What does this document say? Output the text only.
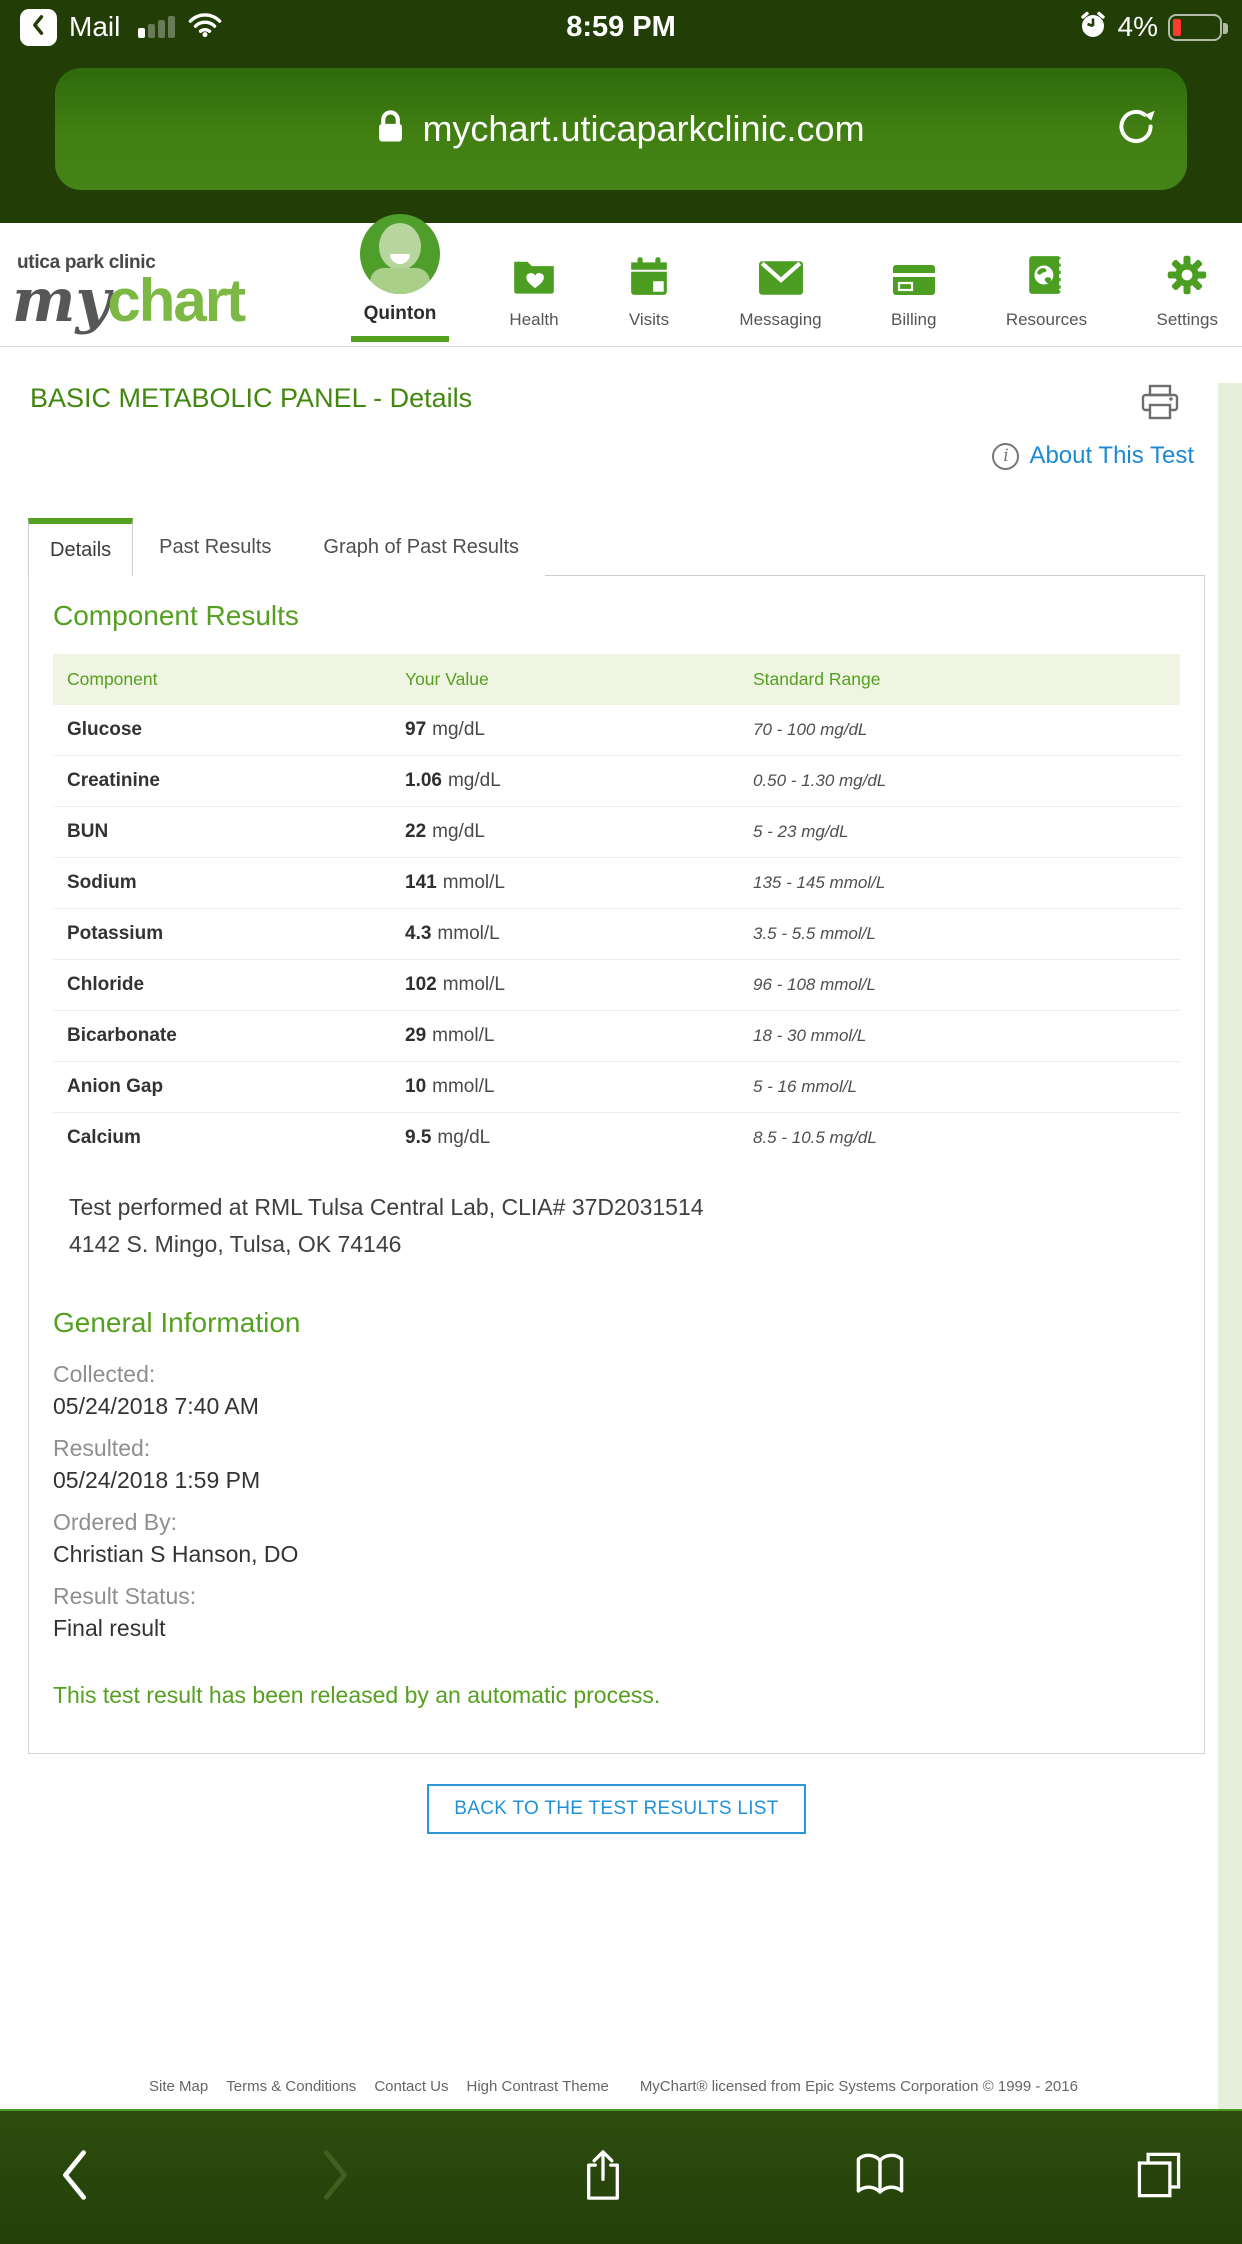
Mail	8:59 PM	4%
mychart.uticaparkclinic.com
utica park clinic
my
chart	Quinton	Health	Visits	Messaging	Billing	Resources	Settings
BASIC METABOLIC PANEL - Details
i About This Test
Details	Past Results	Graph of Past Results
Component Results
Component	Your Value	Standard Range
Glucose	97 mg/dL	70 - 100 mg/dL
Creatinine	1.06 mg/dL	0.50 - 1.30 mg/dL
BUN	22 mg/dL	5 - 23 mg/dL
Sodium	141 mmol/L	135 - 145 mmol/L
Potassium	4.3 mmol/L	3.5 - 5.5 mmol/L
Chloride	102 mmol/L	96 - 108 mmol/L
Bicarbonate	29 mmol/L	18 - 30 mmol/L
Anion Gap	10 mmol/L	5 - 16 mmol/L
Calcium	9.5 mg/dL	8.5 - 10.5 mg/dL
Test performed at RML Tulsa Central Lab, CLIA# 37D2031514
4142 S. Mingo, Tulsa, OK 74146
General Information
Collected:
05/24/2018 7:40 AM
Resulted:
05/24/2018 1:59 PM
Ordered By:
Christian S Hanson, DO
Result Status:
Final result
This test result has been released by an automatic process.
BACK TO THE TEST RESULTS LIST
Site Map Terms & Conditions Contact Us High Contrast Theme MyChart® licensed from Epic Systems Corporation © 1999 - 2016
